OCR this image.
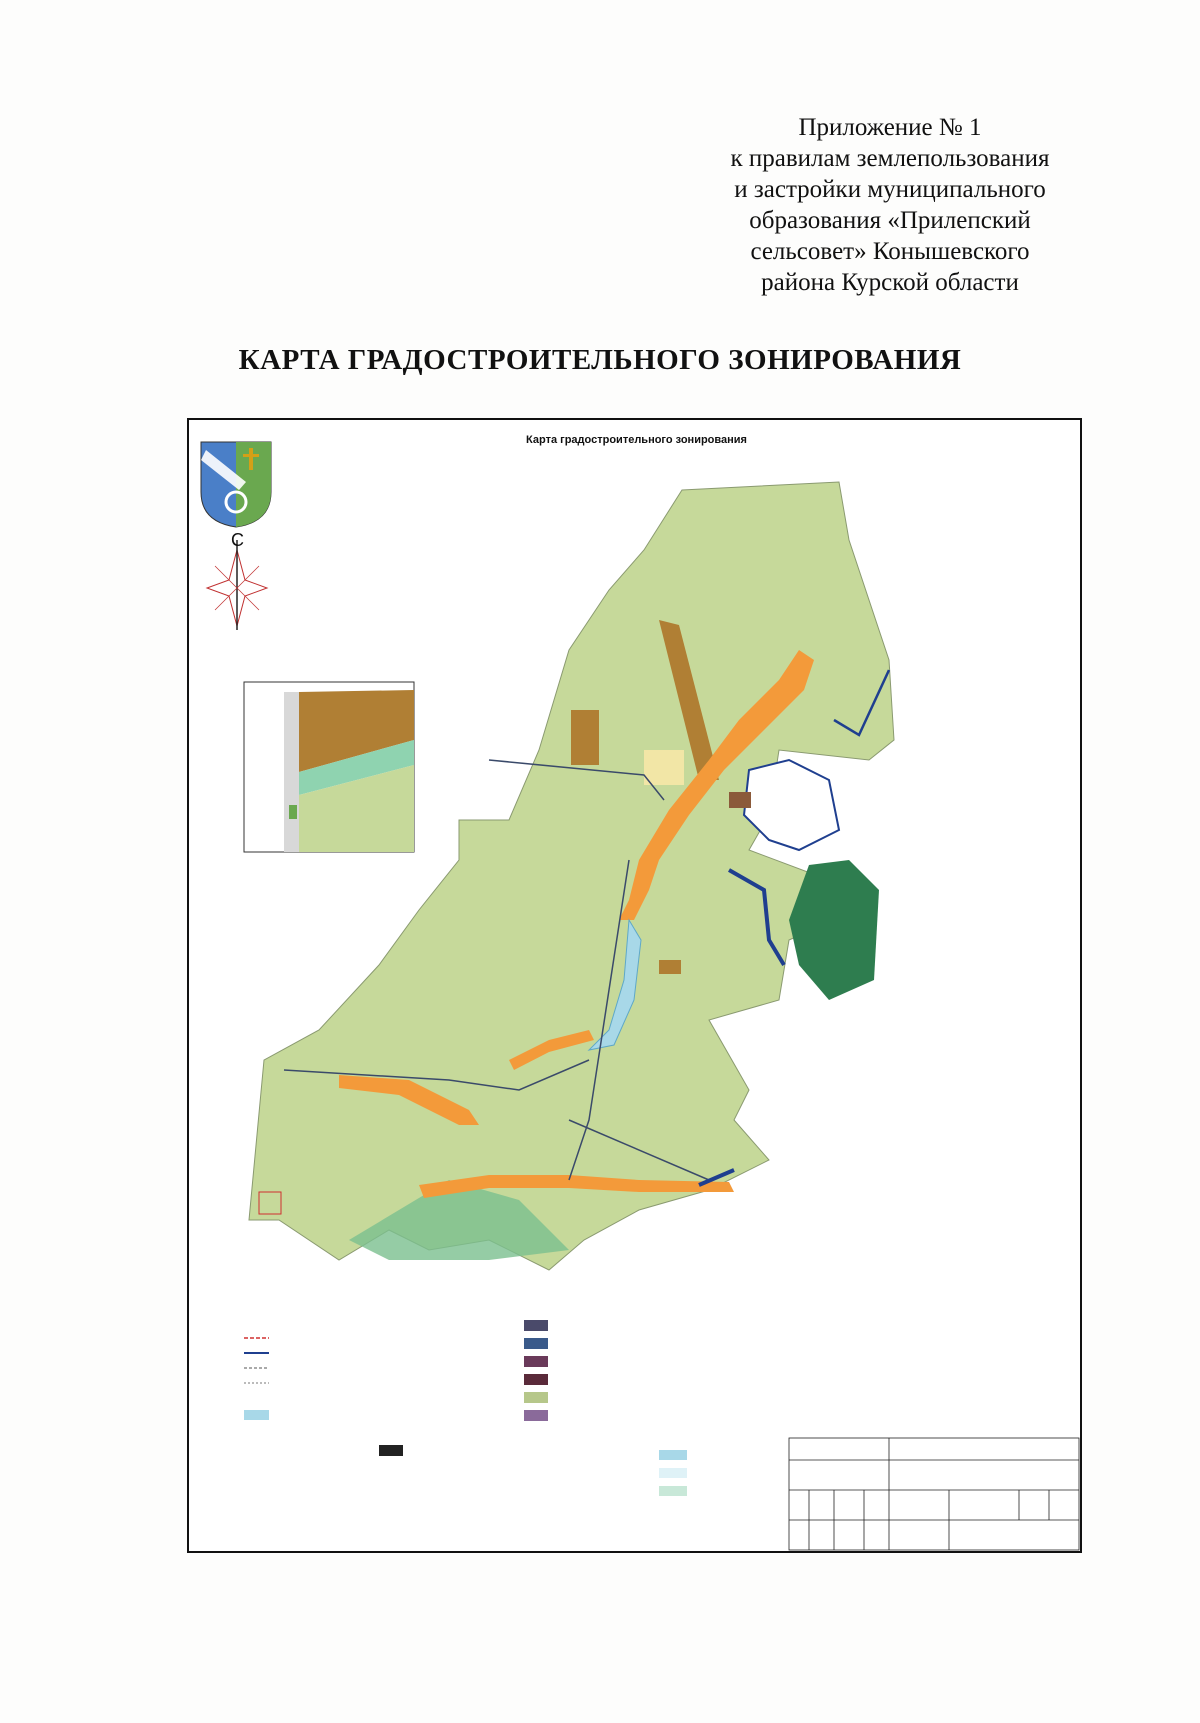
Приложение № 1
к правилам землепользования
и застройки муниципального
образования «Прилепский
сельсовет» Конышевского
района Курской области
КАРТА ГРАДОСТРОИТЕЛЬНОГО ЗОНИРОВАНИЯ
Карта градостроительного зонирования
С
